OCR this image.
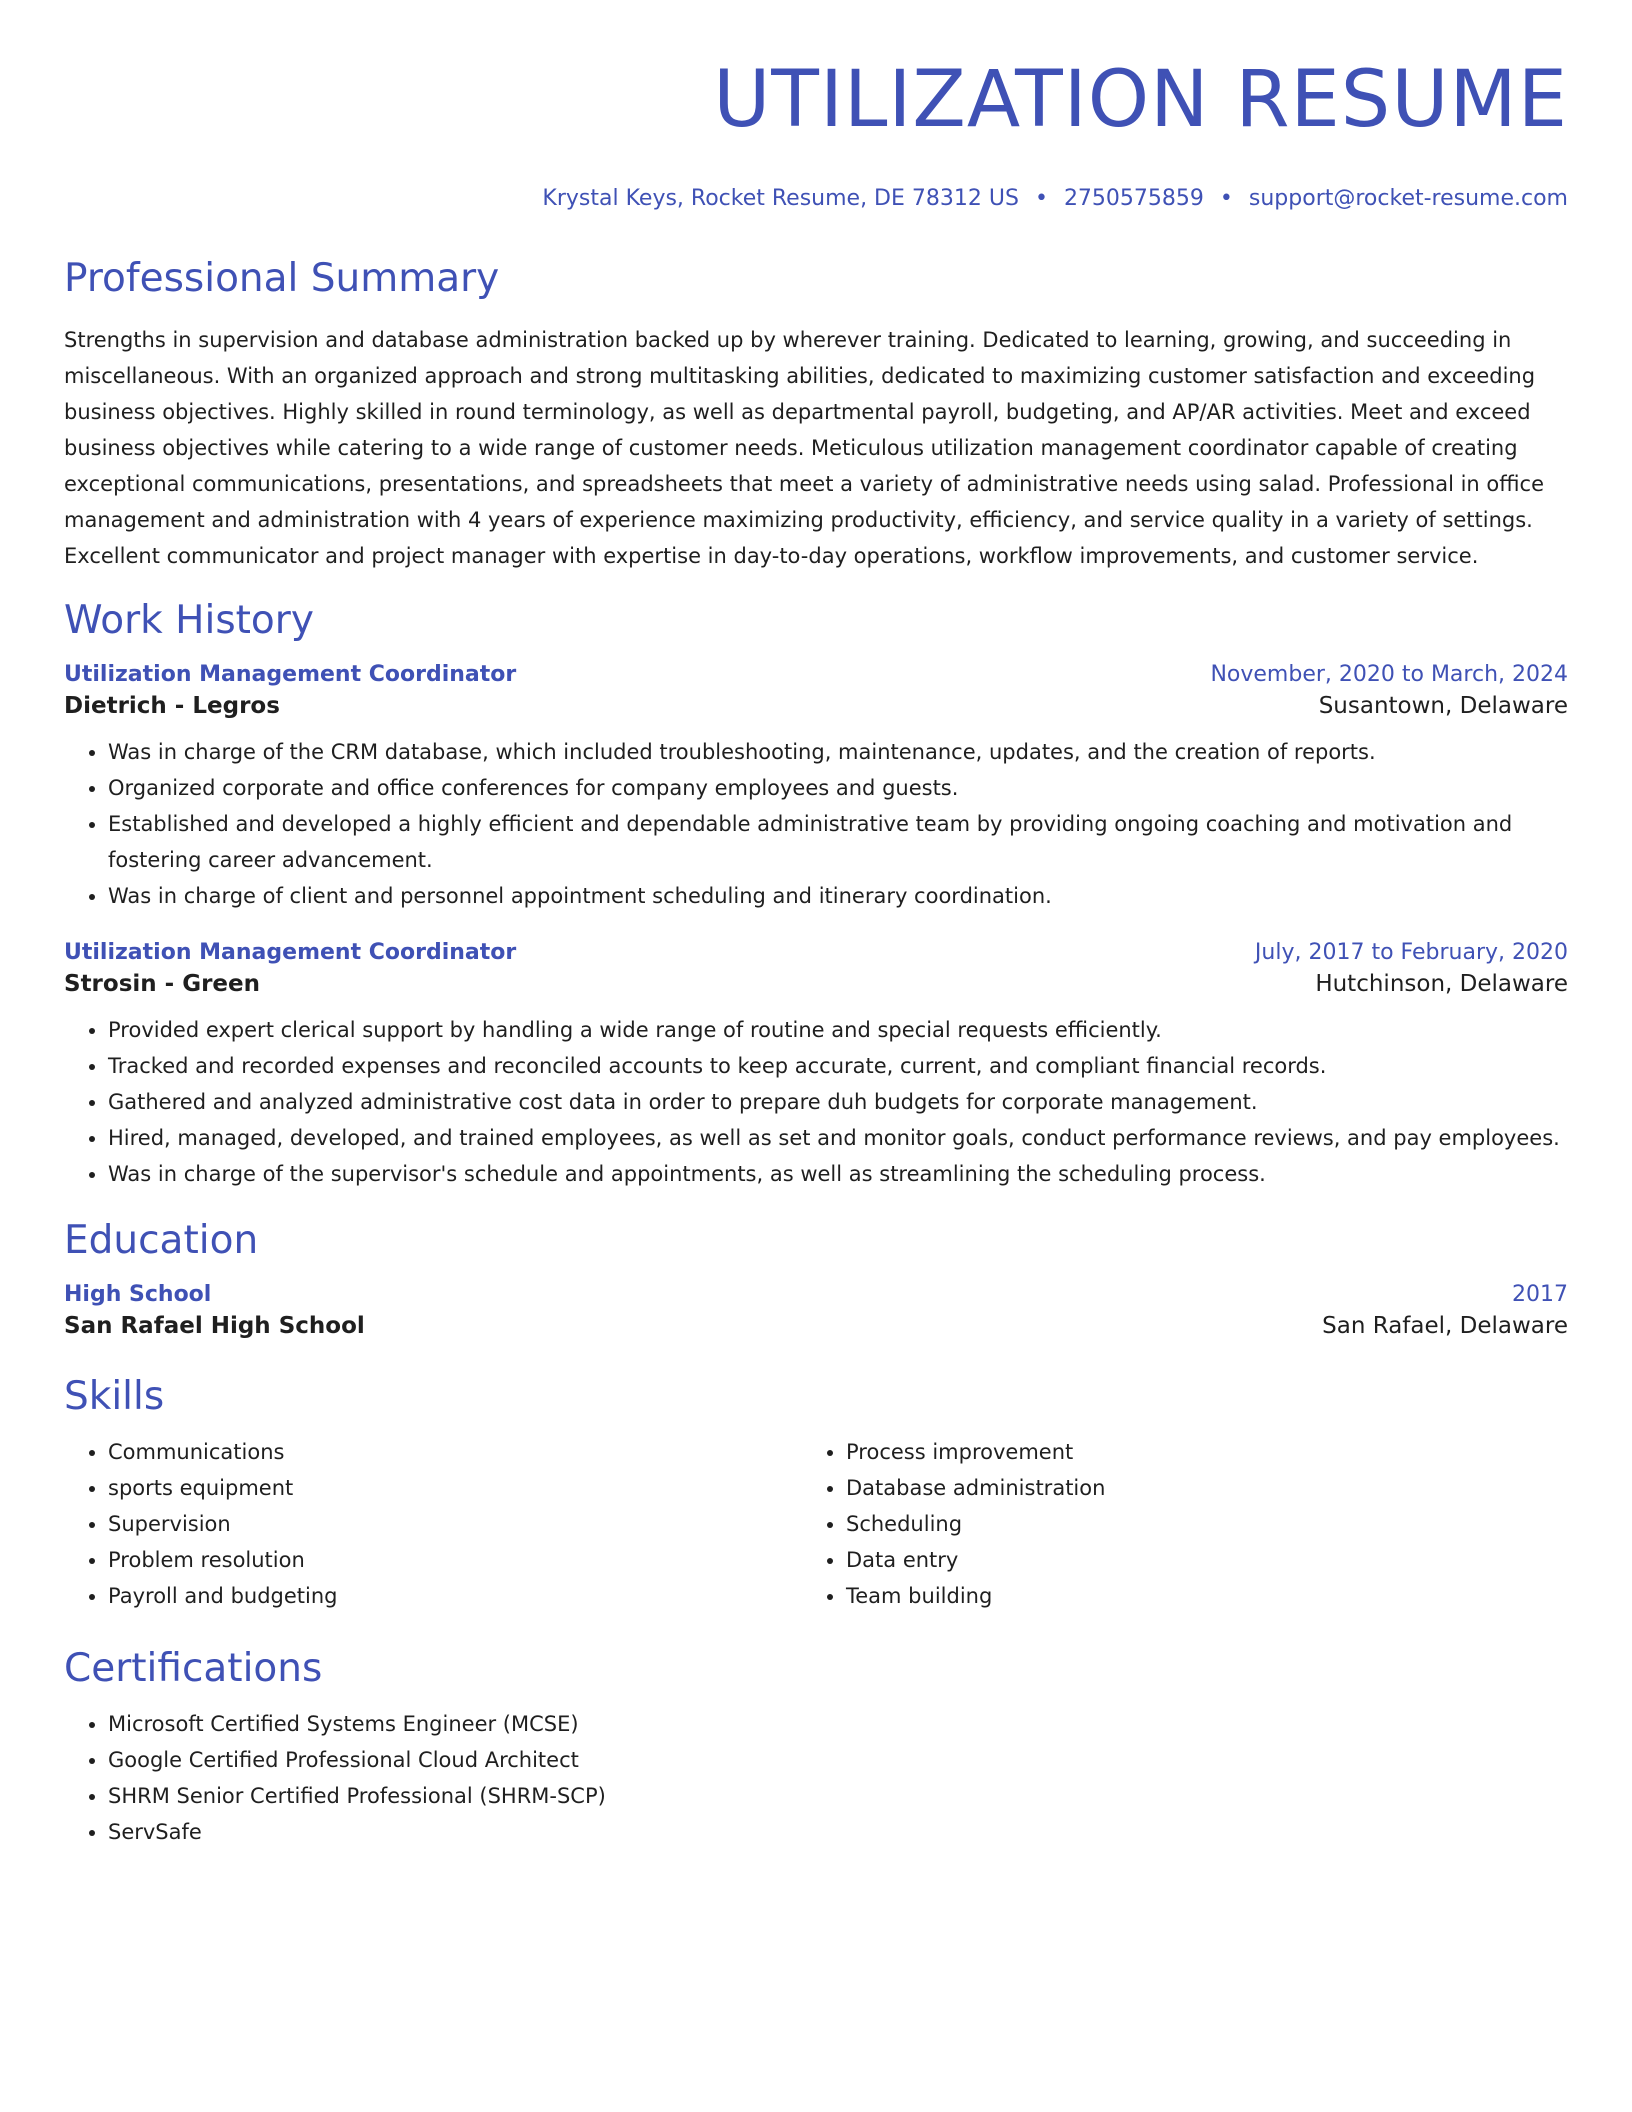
UTILIZATION RESUME
Krystal Keys, Rocket Resume, DE 78312 US • 2750575859 • support@rocket-resume.com
Professional Summary

Strengths in supervision and database administration backed up by wherever training. Dedicated to learning, growing, and succeeding in miscellaneous. With an organized approach and strong multitasking abilities, dedicated to maximizing customer satisfaction and exceeding business objectives. Highly skilled in round terminology, as well as departmental payroll, budgeting, and AP/AR activities. Meet and exceed business objectives while catering to a wide range of customer needs. Meticulous utilization management coordinator capable of creating exceptional communications, presentations, and spreadsheets that meet a variety of administrative needs using salad. Professional in office management and administration with 4 years of experience maximizing productivity, efficiency, and service quality in a variety of settings. Excellent communicator and project manager with expertise in day-to-day operations, workflow improvements, and customer service.

Work History
Utilization Management Coordinator	November, 2020 to March, 2024
Dietrich - Legros	Susantown, Delaware
• Was in charge of the CRM database, which included troubleshooting, maintenance, updates, and the creation of reports.
• Organized corporate and office conferences for company employees and guests.
• Established and developed a highly efficient and dependable administrative team by providing ongoing coaching and motivation and fostering career advancement.
• Was in charge of client and personnel appointment scheduling and itinerary coordination.
Utilization Management Coordinator	July, 2017 to February, 2020
Strosin - Green	Hutchinson, Delaware
• Provided expert clerical support by handling a wide range of routine and special requests efficiently.
• Tracked and recorded expenses and reconciled accounts to keep accurate, current, and compliant financial records.
• Gathered and analyzed administrative cost data in order to prepare duh budgets for corporate management.
• Hired, managed, developed, and trained employees, as well as set and monitor goals, conduct performance reviews, and pay employees.
• Was in charge of the supervisor's schedule and appointments, as well as streamlining the scheduling process.
Education
High School	2017
San Rafael High School	San Rafael, Delaware
Skills
• Communications
• sports equipment
• Supervision
• Problem resolution
• Payroll and budgeting
• Process improvement
• Database administration
• Scheduling
• Data entry
• Team building
Certifications
• Microsoft Certified Systems Engineer (MCSE)
• Google Certified Professional Cloud Architect
• SHRM Senior Certified Professional (SHRM-SCP)
• ServSafe
